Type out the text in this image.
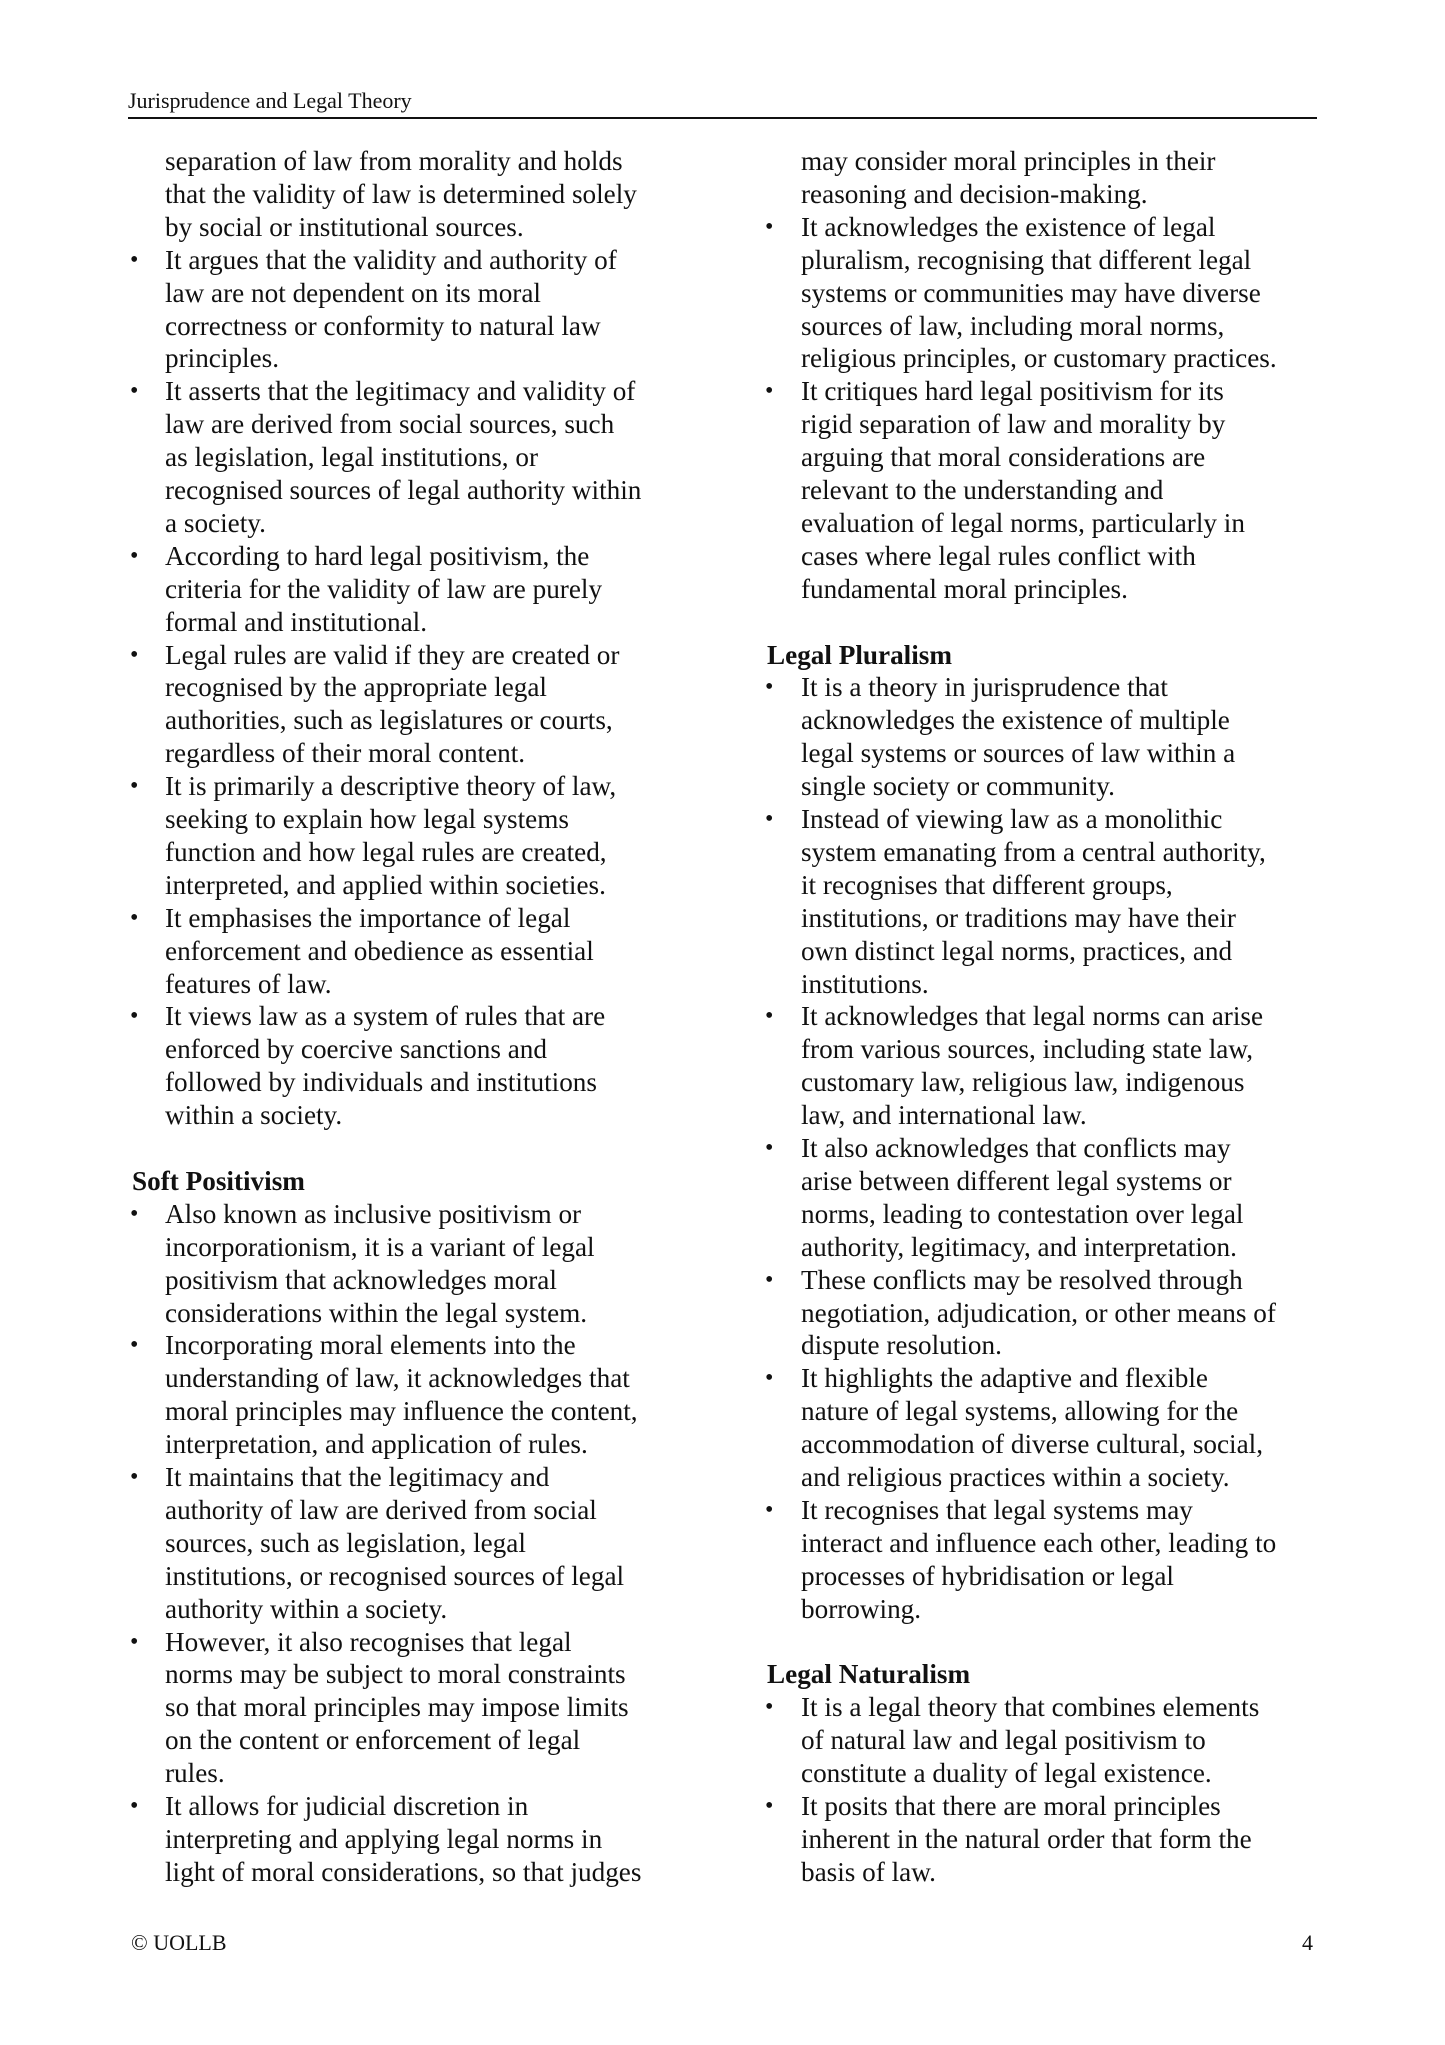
Jurisprudence and Legal Theory
separation of law from morality and holds
that the validity of law is determined solely
by social or institutional sources.
• It argues that the validity and authority of
law are not dependent on its moral
correctness or conformity to natural law
principles.
• It asserts that the legitimacy and validity of
law are derived from social sources, such
as legislation, legal institutions, or
recognised sources of legal authority within
a society.
• According to hard legal positivism, the
criteria for the validity of law are purely
formal and institutional.
• Legal rules are valid if they are created or
recognised by the appropriate legal
authorities, such as legislatures or courts,
regardless of their moral content.
• It is primarily a descriptive theory of law,
seeking to explain how legal systems
function and how legal rules are created,
interpreted, and applied within societies.
• It emphasises the importance of legal
enforcement and obedience as essential
features of law.
• It views law as a system of rules that are
enforced by coercive sanctions and
followed by individuals and institutions
within a society.
Soft Positivism
• Also known as inclusive positivism or
incorporationism, it is a variant of legal
positivism that acknowledges moral
considerations within the legal system.
• Incorporating moral elements into the
understanding of law, it acknowledges that
moral principles may influence the content,
interpretation, and application of rules.
• It maintains that the legitimacy and
authority of law are derived from social
sources, such as legislation, legal
institutions, or recognised sources of legal
authority within a society.
• However, it also recognises that legal
norms may be subject to moral constraints
so that moral principles may impose limits
on the content or enforcement of legal
rules.
• It allows for judicial discretion in
interpreting and applying legal norms in
light of moral considerations, so that judges
may consider moral principles in their
reasoning and decision-making.
• It acknowledges the existence of legal
pluralism, recognising that different legal
systems or communities may have diverse
sources of law, including moral norms,
religious principles, or customary practices.
• It critiques hard legal positivism for its
rigid separation of law and morality by
arguing that moral considerations are
relevant to the understanding and
evaluation of legal norms, particularly in
cases where legal rules conflict with
fundamental moral principles.
Legal Pluralism
• It is a theory in jurisprudence that
acknowledges the existence of multiple
legal systems or sources of law within a
single society or community.
• Instead of viewing law as a monolithic
system emanating from a central authority,
it recognises that different groups,
institutions, or traditions may have their
own distinct legal norms, practices, and
institutions.
• It acknowledges that legal norms can arise
from various sources, including state law,
customary law, religious law, indigenous
law, and international law.
• It also acknowledges that conflicts may
arise between different legal systems or
norms, leading to contestation over legal
authority, legitimacy, and interpretation.
• These conflicts may be resolved through
negotiation, adjudication, or other means of
dispute resolution.
• It highlights the adaptive and flexible
nature of legal systems, allowing for the
accommodation of diverse cultural, social,
and religious practices within a society.
• It recognises that legal systems may
interact and influence each other, leading to
processes of hybridisation or legal
borrowing.
Legal Naturalism
• It is a legal theory that combines elements
of natural law and legal positivism to
constitute a duality of legal existence.
• It posits that there are moral principles
inherent in the natural order that form the
basis of law.
© UOLLB	4
